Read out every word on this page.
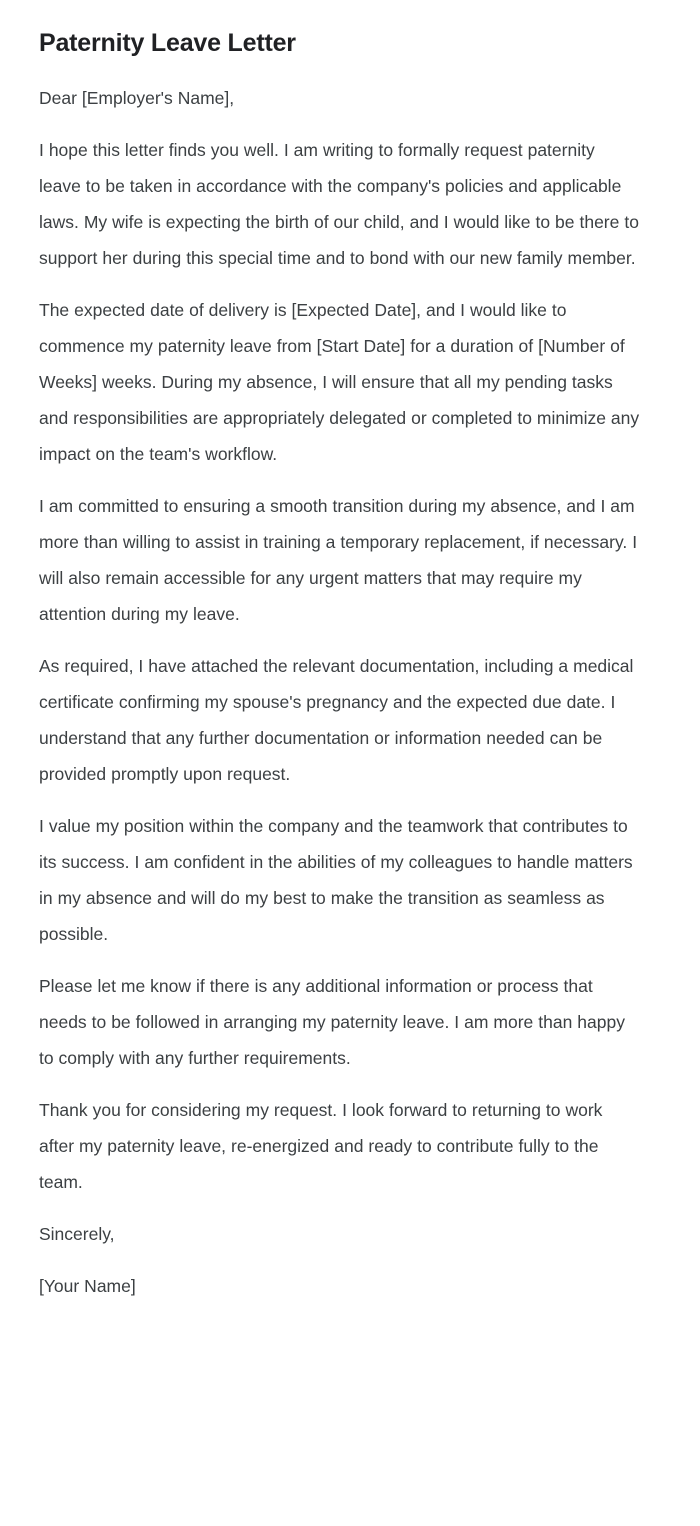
Paternity Leave Letter

Dear [Employer's Name],

I hope this letter finds you well. I am writing to formally request paternity leave to be taken in accordance with the company's policies and applicable laws. My wife is expecting the birth of our child, and I would like to be there to support her during this special time and to bond with our new family member.

The expected date of delivery is [Expected Date], and I would like to commence my paternity leave from [Start Date] for a duration of [Number of Weeks] weeks. During my absence, I will ensure that all my pending tasks and responsibilities are appropriately delegated or completed to minimize any impact on the team's workflow.

I am committed to ensuring a smooth transition during my absence, and I am more than willing to assist in training a temporary replacement, if necessary. I will also remain accessible for any urgent matters that may require my attention during my leave.

As required, I have attached the relevant documentation, including a medical certificate confirming my spouse's pregnancy and the expected due date. I understand that any further documentation or information needed can be provided promptly upon request.

I value my position within the company and the teamwork that contributes to its success. I am confident in the abilities of my colleagues to handle matters in my absence and will do my best to make the transition as seamless as possible.

Please let me know if there is any additional information or process that needs to be followed in arranging my paternity leave. I am more than happy to comply with any further requirements.

Thank you for considering my request. I look forward to returning to work after my paternity leave, re-energized and ready to contribute fully to the team.

Sincerely,

[Your Name]
